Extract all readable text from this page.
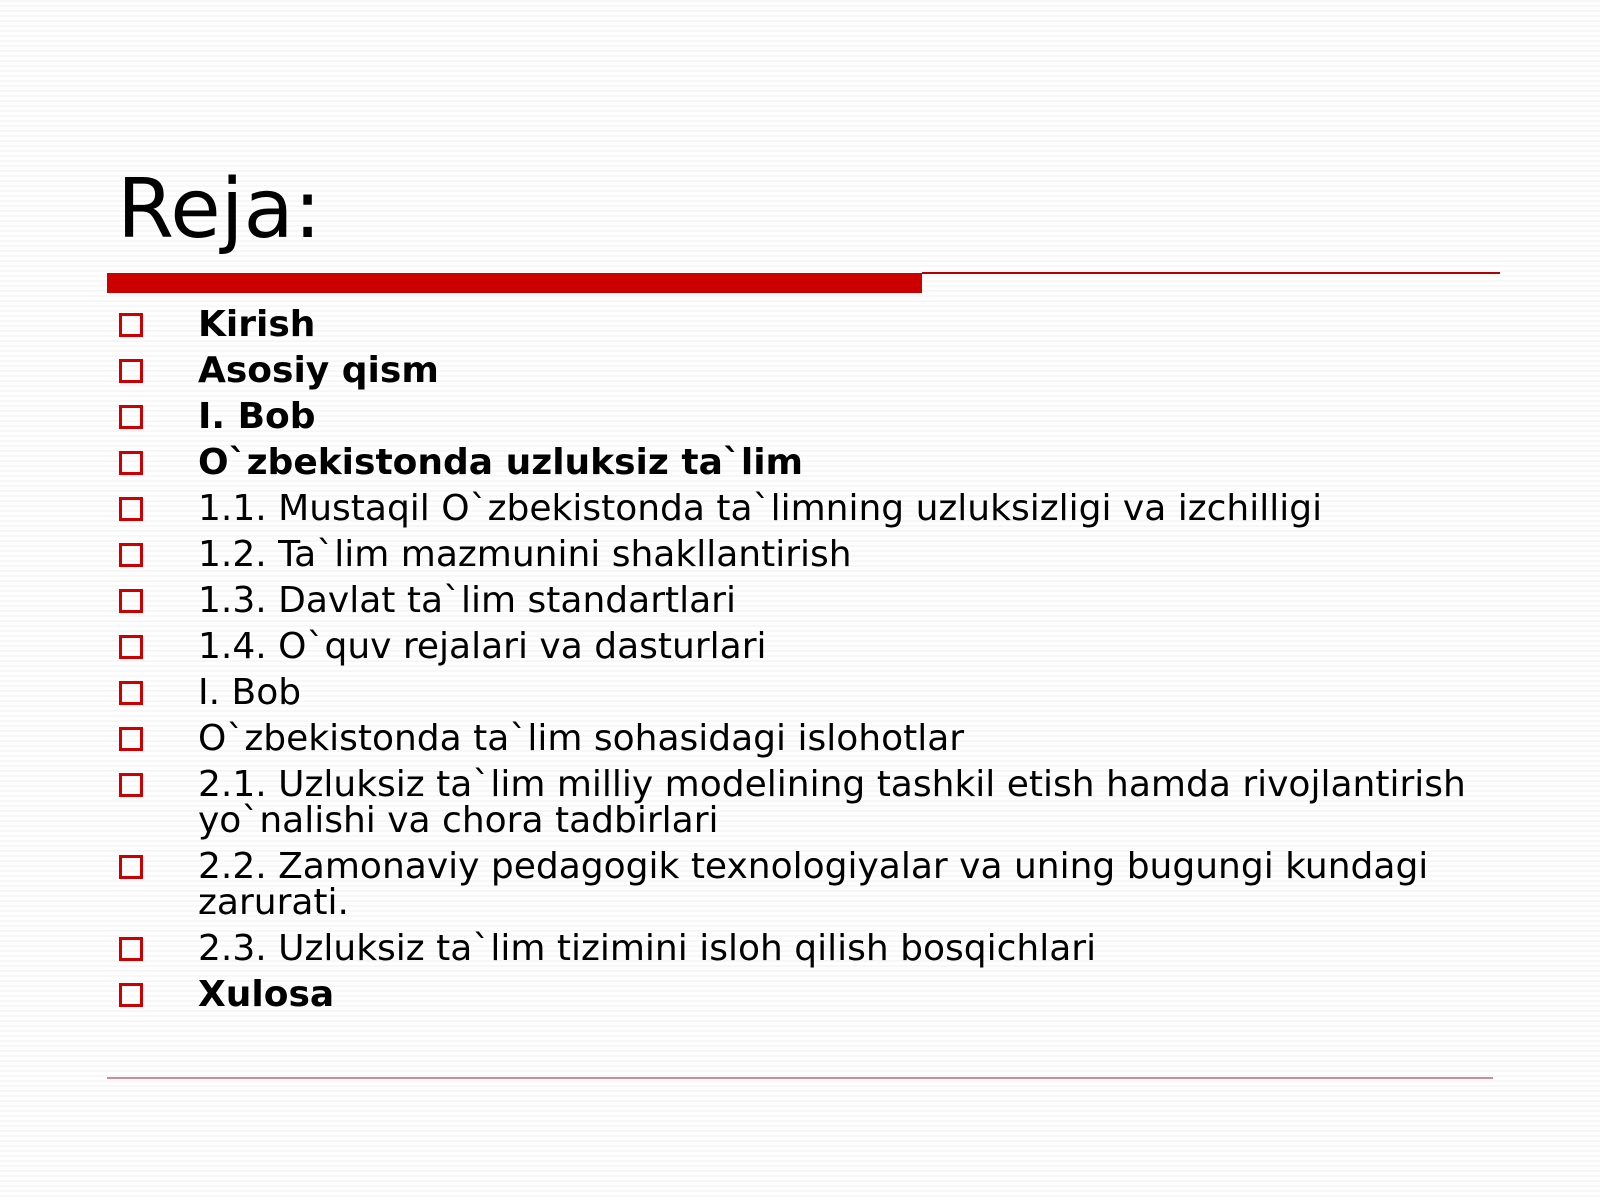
Reja:
Kirish
Asosiy qism
I. Bob
O`zbekistonda uzluksiz ta`lim
1.1. Mustaqil O`zbekistonda ta`limning uzluksizligi va izchilligi
1.2. Ta`lim mazmunini shakllantirish
1.3. Davlat ta`lim standartlari
1.4. O`quv rejalari va dasturlari
I. Bob
O`zbekistonda ta`lim sohasidagi islohotlar
2.1. Uzluksiz ta`lim milliy modelining tashkil etish hamda rivojlantirish yo`nalishi va chora tadbirlari
2.2. Zamonaviy pedagogik texnologiyalar va uning bugungi kundagi zarurati.
2.3. Uzluksiz ta`lim tizimini isloh qilish bosqichlari
Xulosa
